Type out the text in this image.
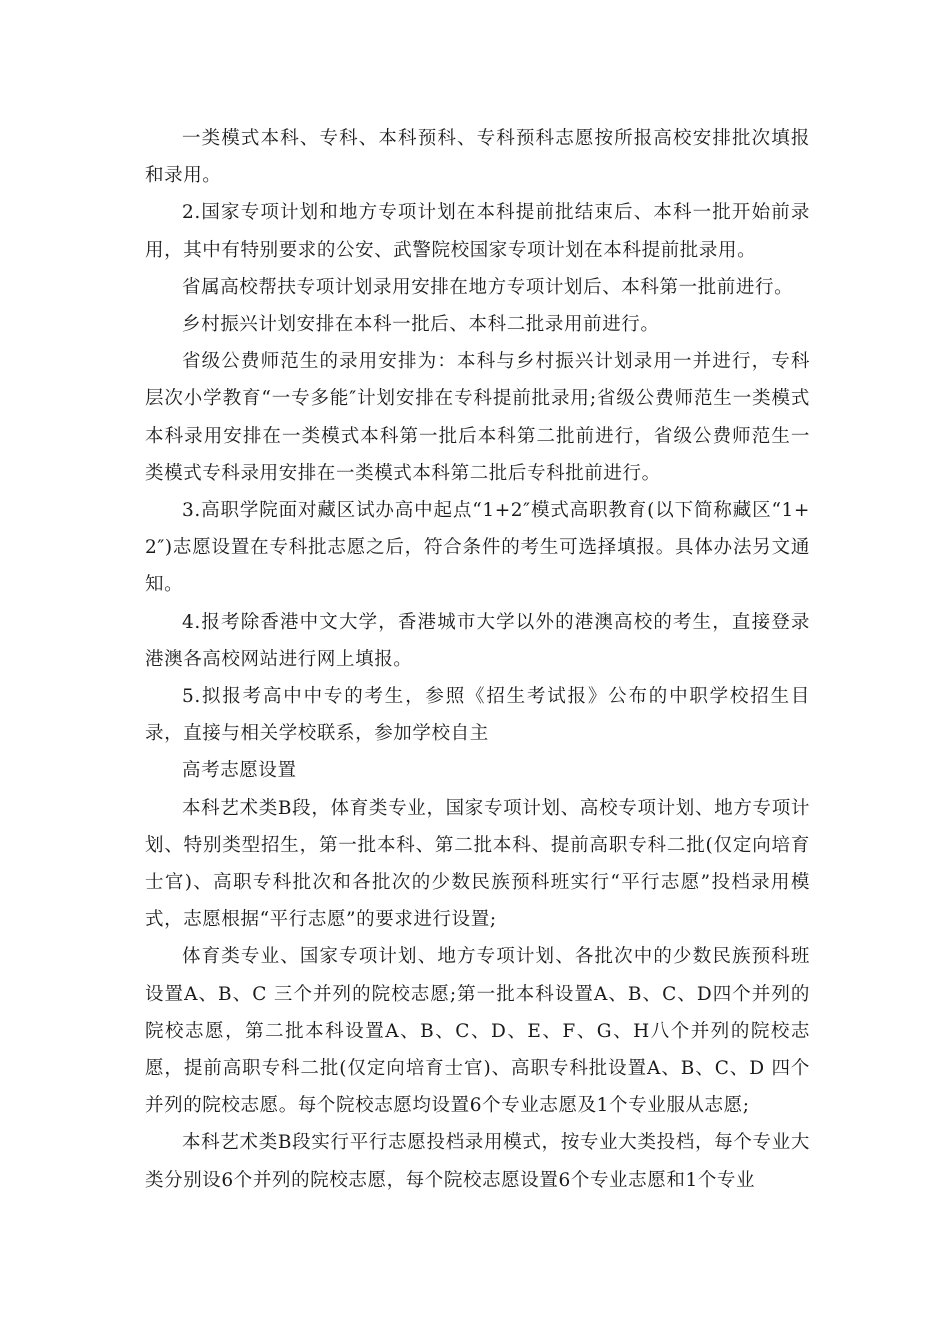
一类模式本科、专科、本科预科、专科预科志愿按所报高校安排批次填报和录用。

2.国家专项计划和地方专项计划在本科提前批结束后、本科一批开始前录用，其中有特别要求的公安、武警院校国家专项计划在本科提前批录用。

省属高校帮扶专项计划录用安排在地方专项计划后、本科第一批前进行。

乡村振兴计划安排在本科一批后、本科二批录用前进行。

省级公费师范生的录用安排为：本科与乡村振兴计划录用一并进行，专科层次小学教育“一专多能″计划安排在专科提前批录用;省级公费师范生一类模式本科录用安排在一类模式本科第一批后本科第二批前进行，省级公费师范生一类模式专科录用安排在一类模式本科第二批后专科批前进行。

3.高职学院面对藏区试办高中起点“1+2″模式高职教育(以下简称藏区“1+2″)志愿设置在专科批志愿之后，符合条件的考生可选择填报。具体办法另文通知。

4.报考除香港中文大学，香港城市大学以外的港澳高校的考生，直接登录港澳各高校网站进行网上填报。

5.拟报考高中中专的考生，参照《招生考试报》公布的中职学校招生目录，直接与相关学校联系，参加学校自主

高考志愿设置

本科艺术类B段，体育类专业，国家专项计划、高校专项计划、地方专项计划、特别类型招生，第一批本科、第二批本科、提前高职专科二批(仅定向培育士官)、高职专科批次和各批次的少数民族预科班实行“平行志愿”投档录用模式，志愿根据“平行志愿”的要求进行设置;

体育类专业、国家专项计划、地方专项计划、各批次中的少数民族预科班设置A、B、C 三个并列的院校志愿;第一批本科设置A、B、C、D四个并列的院校志愿，第二批本科设置A、B、C、D、E、F、G、H八个并列的院校志愿，提前高职专科二批(仅定向培育士官)、高职专科批设置A、B、C、D 四个并列的院校志愿。每个院校志愿均设置6个专业志愿及1个专业服从志愿;

本科艺术类B段实行平行志愿投档录用模式，按专业大类投档，每个专业大类分别设6个并列的院校志愿，每个院校志愿设置6个专业志愿和1个专业
